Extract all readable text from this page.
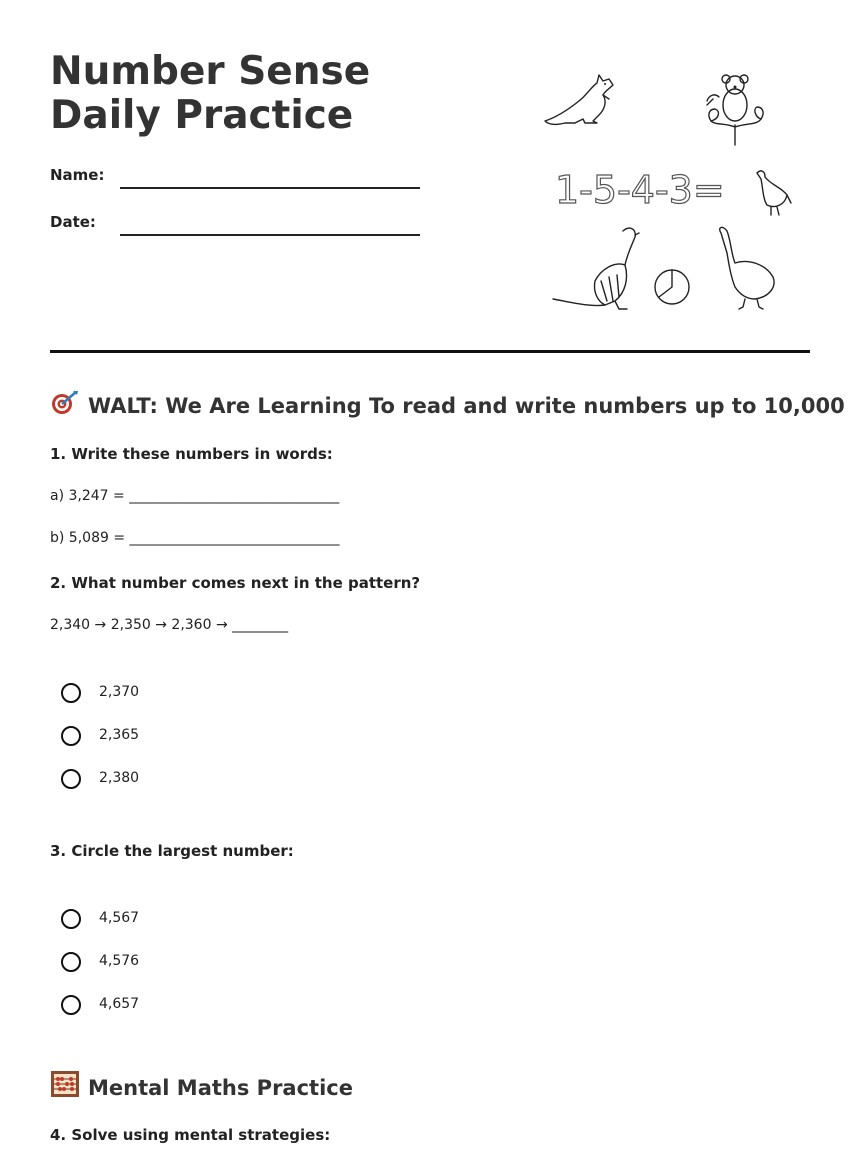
Number Sense Daily Practice
Name:
Date:
1-5-4-3=
WALT: We Are Learning To read and write numbers up to 10,000
1. Write these numbers in words:
a) 3,247 = ______________________________
b) 5,089 = ______________________________
2. What number comes next in the pattern?
2,340 → 2,350 → 2,360 → ________
2,370
2,365
2,380
3. Circle the largest number:
4,567
4,576
4,657
Mental Maths Practice
4. Solve using mental strategies:
